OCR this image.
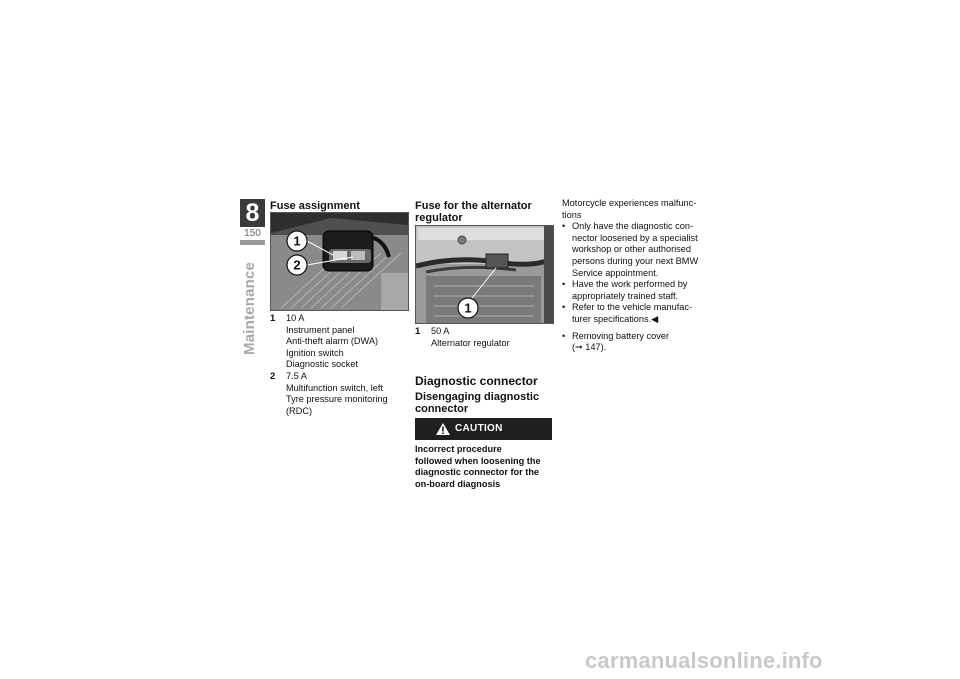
8
150
Maintenance
Fuse assignment
1
2
1 10 A
Instrument panel
Anti-theft alarm (DWA)
Ignition switch
Diagnostic socket
2 7.5 A
Multifunction switch, left
Tyre pressure monitoring
(RDC)
Fuse for the alternator
regulator
1
1 50 A
Alternator regulator
Diagnostic connector
Disengaging diagnostic
connector
CAUTION
Incorrect procedure
followed when loosening the
diagnostic connector for the
on-board diagnosis
Motorcycle experiences malfunc-
tions
• Only have the diagnostic con-
nector loosened by a specialist
workshop or other authorised
persons during your next BMW
Service appointment.
• Have the work performed by
appropriately trained staff.
• Refer to the vehicle manufac-
turer specifications.◀
• Removing battery cover
(➞ 147).
carmanualsonline.info
